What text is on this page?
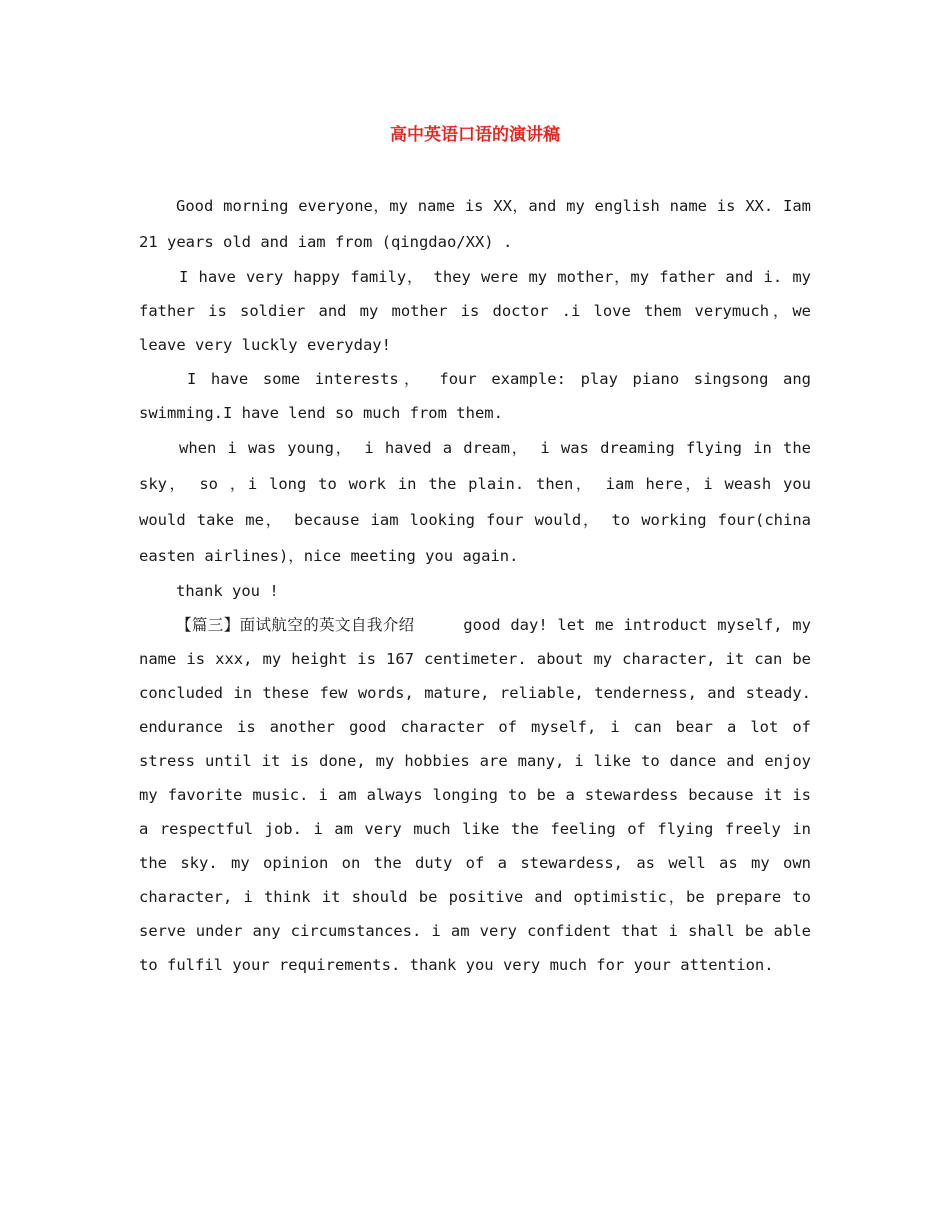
高中英语口语的演讲稿

Good morning everyone，my name is XX，and my english name is XX. Iam 21 years old and iam from (qingdao/XX) .

I have very happy family， they were my mother，my father and i. my father is soldier and my mother is doctor .i love them verymuch，we leave very luckly everyday!

I have some interests， four example: play piano singsong ang swimming.I have lend so much from them.

when i was young， i haved a dream， i was dreaming flying in the sky， so ，i long to work in the plain. then， iam here，i weash you would take me， because iam looking four would， to working four(china easten airlines)，nice meeting you again.

thank you !

【篇三】面试航空的英文自我介绍	good day! let me introduct myself, my name is xxx, my height is 167 centimeter. about my character, it can be concluded in these few words, mature, reliable, tenderness, and steady. endurance is another good character of myself, i can bear a lot of stress until it is done, my hobbies are many, i like to dance and enjoy my favorite music. i am always longing to be a stewardess because it is a respectful job. i am very much like the feeling of flying freely in the sky. my opinion on the duty of a stewardess, as well as my own character, i think it should be positive and optimistic，be prepare to serve under any circumstances. i am very confident that i shall be able to fulfil your requirements. thank you very much for your attention.
